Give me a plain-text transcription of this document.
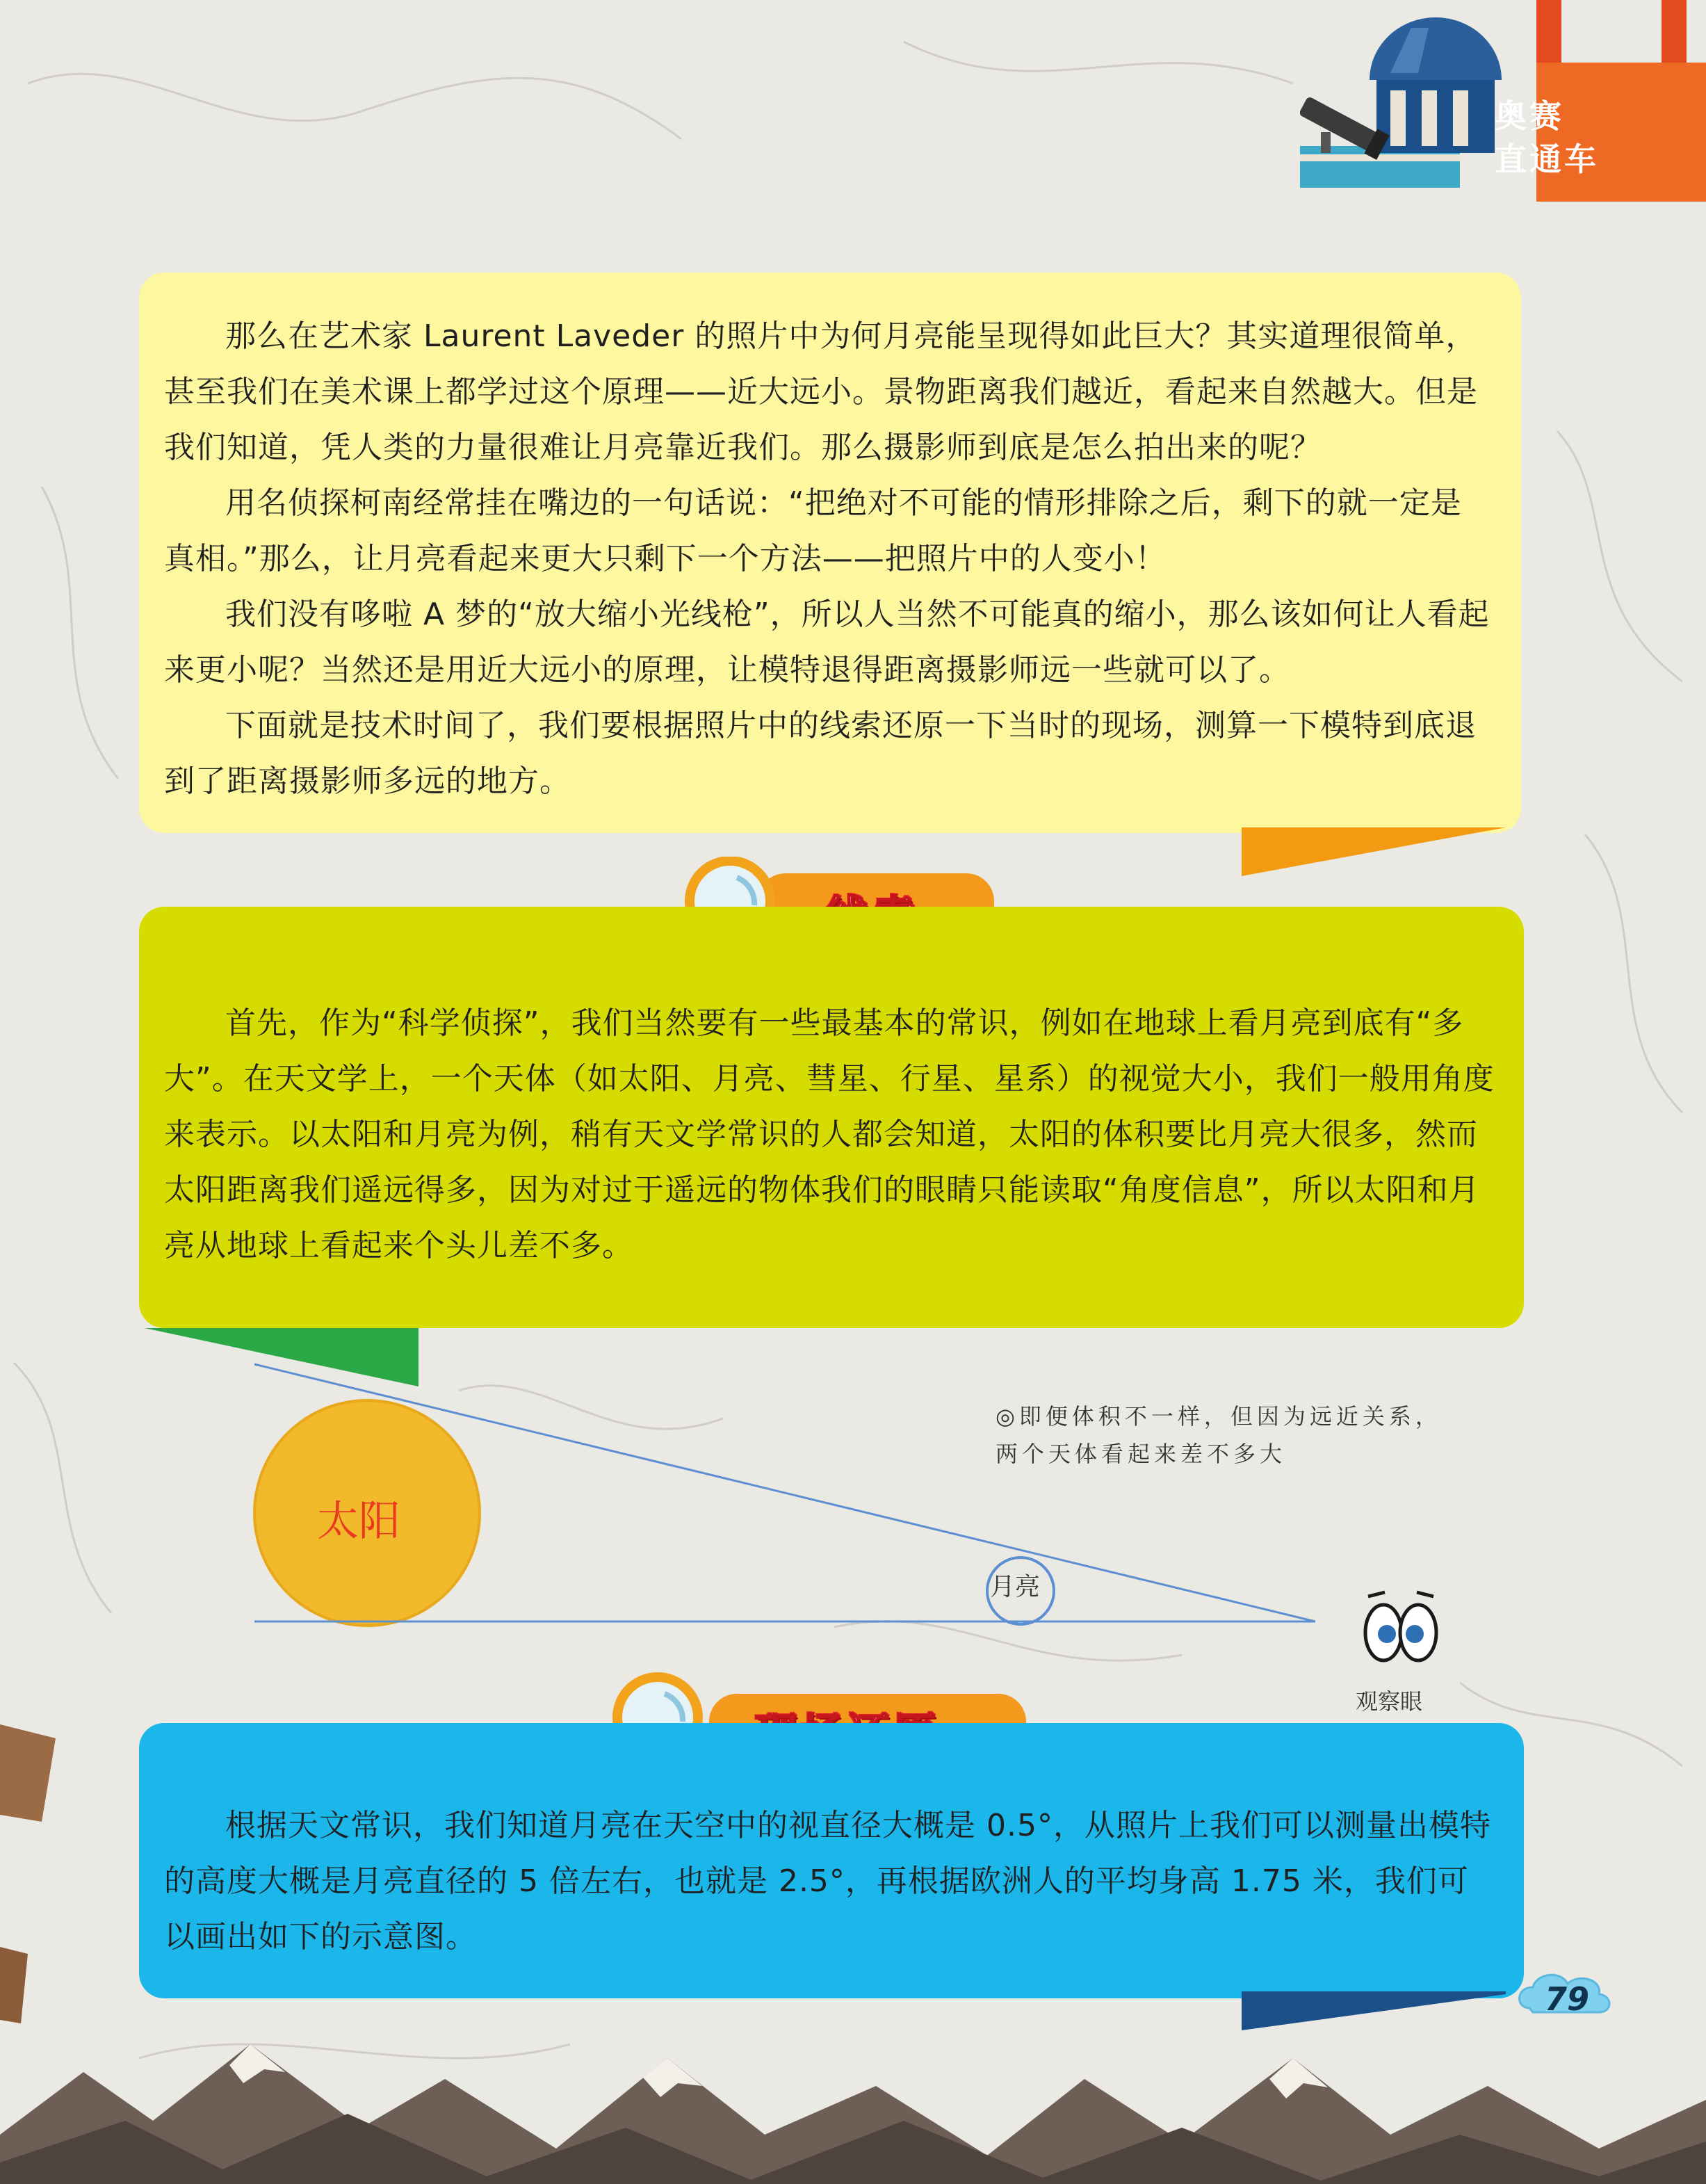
奥赛
直通车

那么在艺术家 Laurent Laveder 的照片中为何月亮能呈现得如此巨大？其实道理很简单，甚至我们在美术课上都学过这个原理——近大远小。景物距离我们越近，看起来自然越大。但是我们知道，凭人类的力量很难让月亮靠近我们。那么摄影师到底是怎么拍出来的呢？

用名侦探柯南经常挂在嘴边的一句话说：“把绝对不可能的情形排除之后，剩下的就一定是真相。”那么，让月亮看起来更大只剩下一个方法——把照片中的人变小！

我们没有哆啦 A 梦的“放大缩小光线枪”，所以人当然不可能真的缩小，那么该如何让人看起来更小呢？当然还是用近大远小的原理，让模特退得距离摄影师远一些就可以了。

下面就是技术时间了，我们要根据照片中的线索还原一下当时的现场，测算一下模特到底退到了距离摄影师多远的地方。

首先，作为“科学侦探”，我们当然要有一些最基本的常识，例如在地球上看月亮到底有“多大”。在天文学上，一个天体（如太阳、月亮、彗星、行星、星系）的视觉大小，我们一般用角度来表示。以太阳和月亮为例，稍有天文学常识的人都会知道，太阳的体积要比月亮大很多，然而太阳距离我们遥远得多，因为对过于遥远的物体我们的眼睛只能读取“角度信息”，所以太阳和月亮从地球上看起来个头儿差不多。

◎即便体积不一样，但因为远近关系，
两个天体看起来差不多大
太阳
月亮
观察眼

根据天文常识，我们知道月亮在天空中的视直径大概是 0.5°，从照片上我们可以测量出模特的高度大概是月亮直径的 5 倍左右，也就是 2.5°，再根据欧洲人的平均身高 1.75 米，我们可以画出如下的示意图。

79
